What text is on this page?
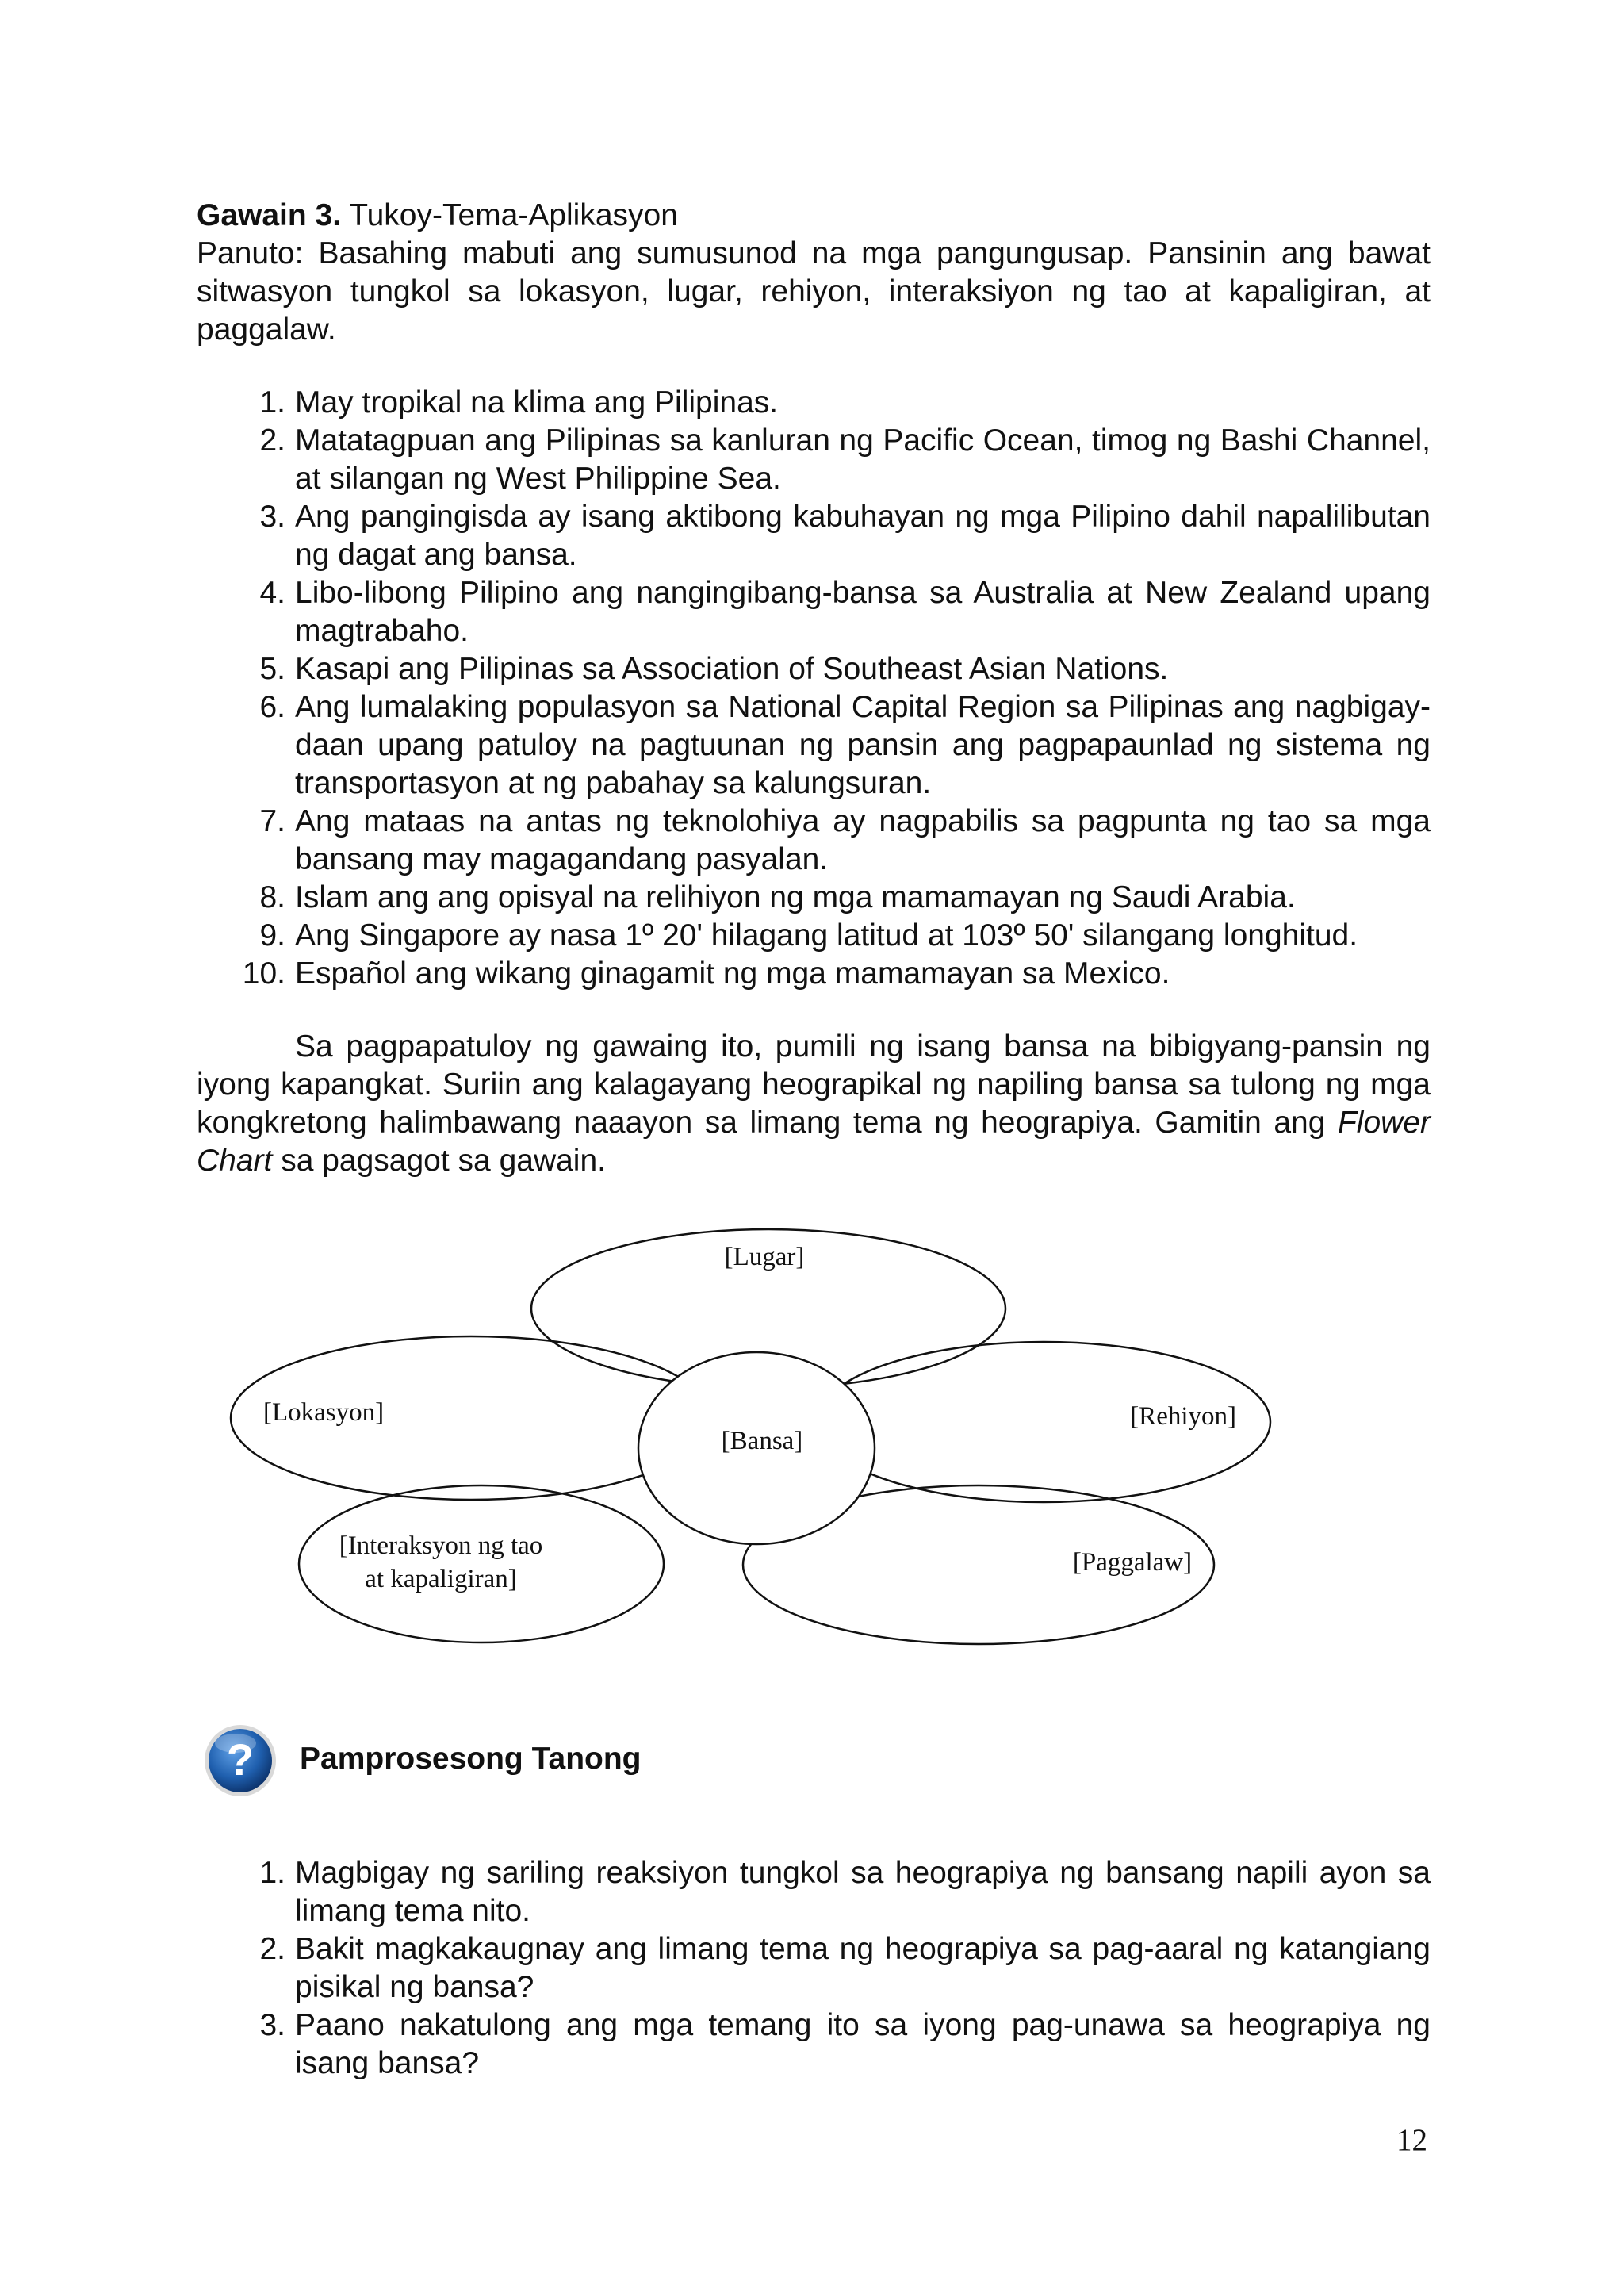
Gawain 3. Tukoy-Tema-Aplikasyon

Panuto: Basahing mabuti ang sumusunod na mga pangungusap. Pansinin ang bawat sitwasyon tungkol sa lokasyon, lugar, rehiyon, interaksiyon ng tao at kapaligiran, at paggalaw.

1. May tropikal na klima ang Pilipinas.
2. Matatagpuan ang Pilipinas sa kanluran ng Pacific Ocean, timog ng Bashi Channel, at silangan ng West Philippine Sea.
3. Ang pangingisda ay isang aktibong kabuhayan ng mga Pilipino dahil napalilibutan ng dagat ang bansa.
4. Libo-libong Pilipino ang nangingibang-bansa sa Australia at New Zealand upang magtrabaho.
5. Kasapi ang Pilipinas sa Association of Southeast Asian Nations.
6. Ang lumalaking populasyon sa National Capital Region sa Pilipinas ang nagbigay-daan upang patuloy na pagtuunan ng pansin ang pagpapaunlad ng sistema ng transportasyon at ng pabahay sa kalungsuran.
7. Ang mataas na antas ng teknolohiya ay nagpabilis sa pagpunta ng tao sa mga bansang may magagandang pasyalan.
8. Islam ang ang opisyal na relihiyon ng mga mamamayan ng Saudi Arabia.
9. Ang Singapore ay nasa 1º 20' hilagang latitud at 103º 50' silangang longhitud.
10. Español ang wikang ginagamit ng mga mamamayan sa Mexico.

Sa pagpapatuloy ng gawaing ito, pumili ng isang bansa na bibigyang-pansin ng iyong kapangkat. Suriin ang kalagayang heograpikal ng napiling bansa sa tulong ng mga kongkretong halimbawang naaayon sa limang tema ng heograpiya. Gamitin ang Flower Chart sa pagsagot sa gawain.

[Lugar]
[Lokasyon]
[Bansa]
[Rehiyon]
[Interaksyon ng tao
at kapaligiran]
[Paggalaw]
? Pamprosesong Tanong
1. Magbigay ng sariling reaksiyon tungkol sa heograpiya ng bansang napili ayon sa limang tema nito.
2. Bakit magkakaugnay ang limang tema ng heograpiya sa pag-aaral ng katangiang pisikal ng bansa?
3. Paano nakatulong ang mga temang ito sa iyong pag-unawa sa heograpiya ng isang bansa?
12
